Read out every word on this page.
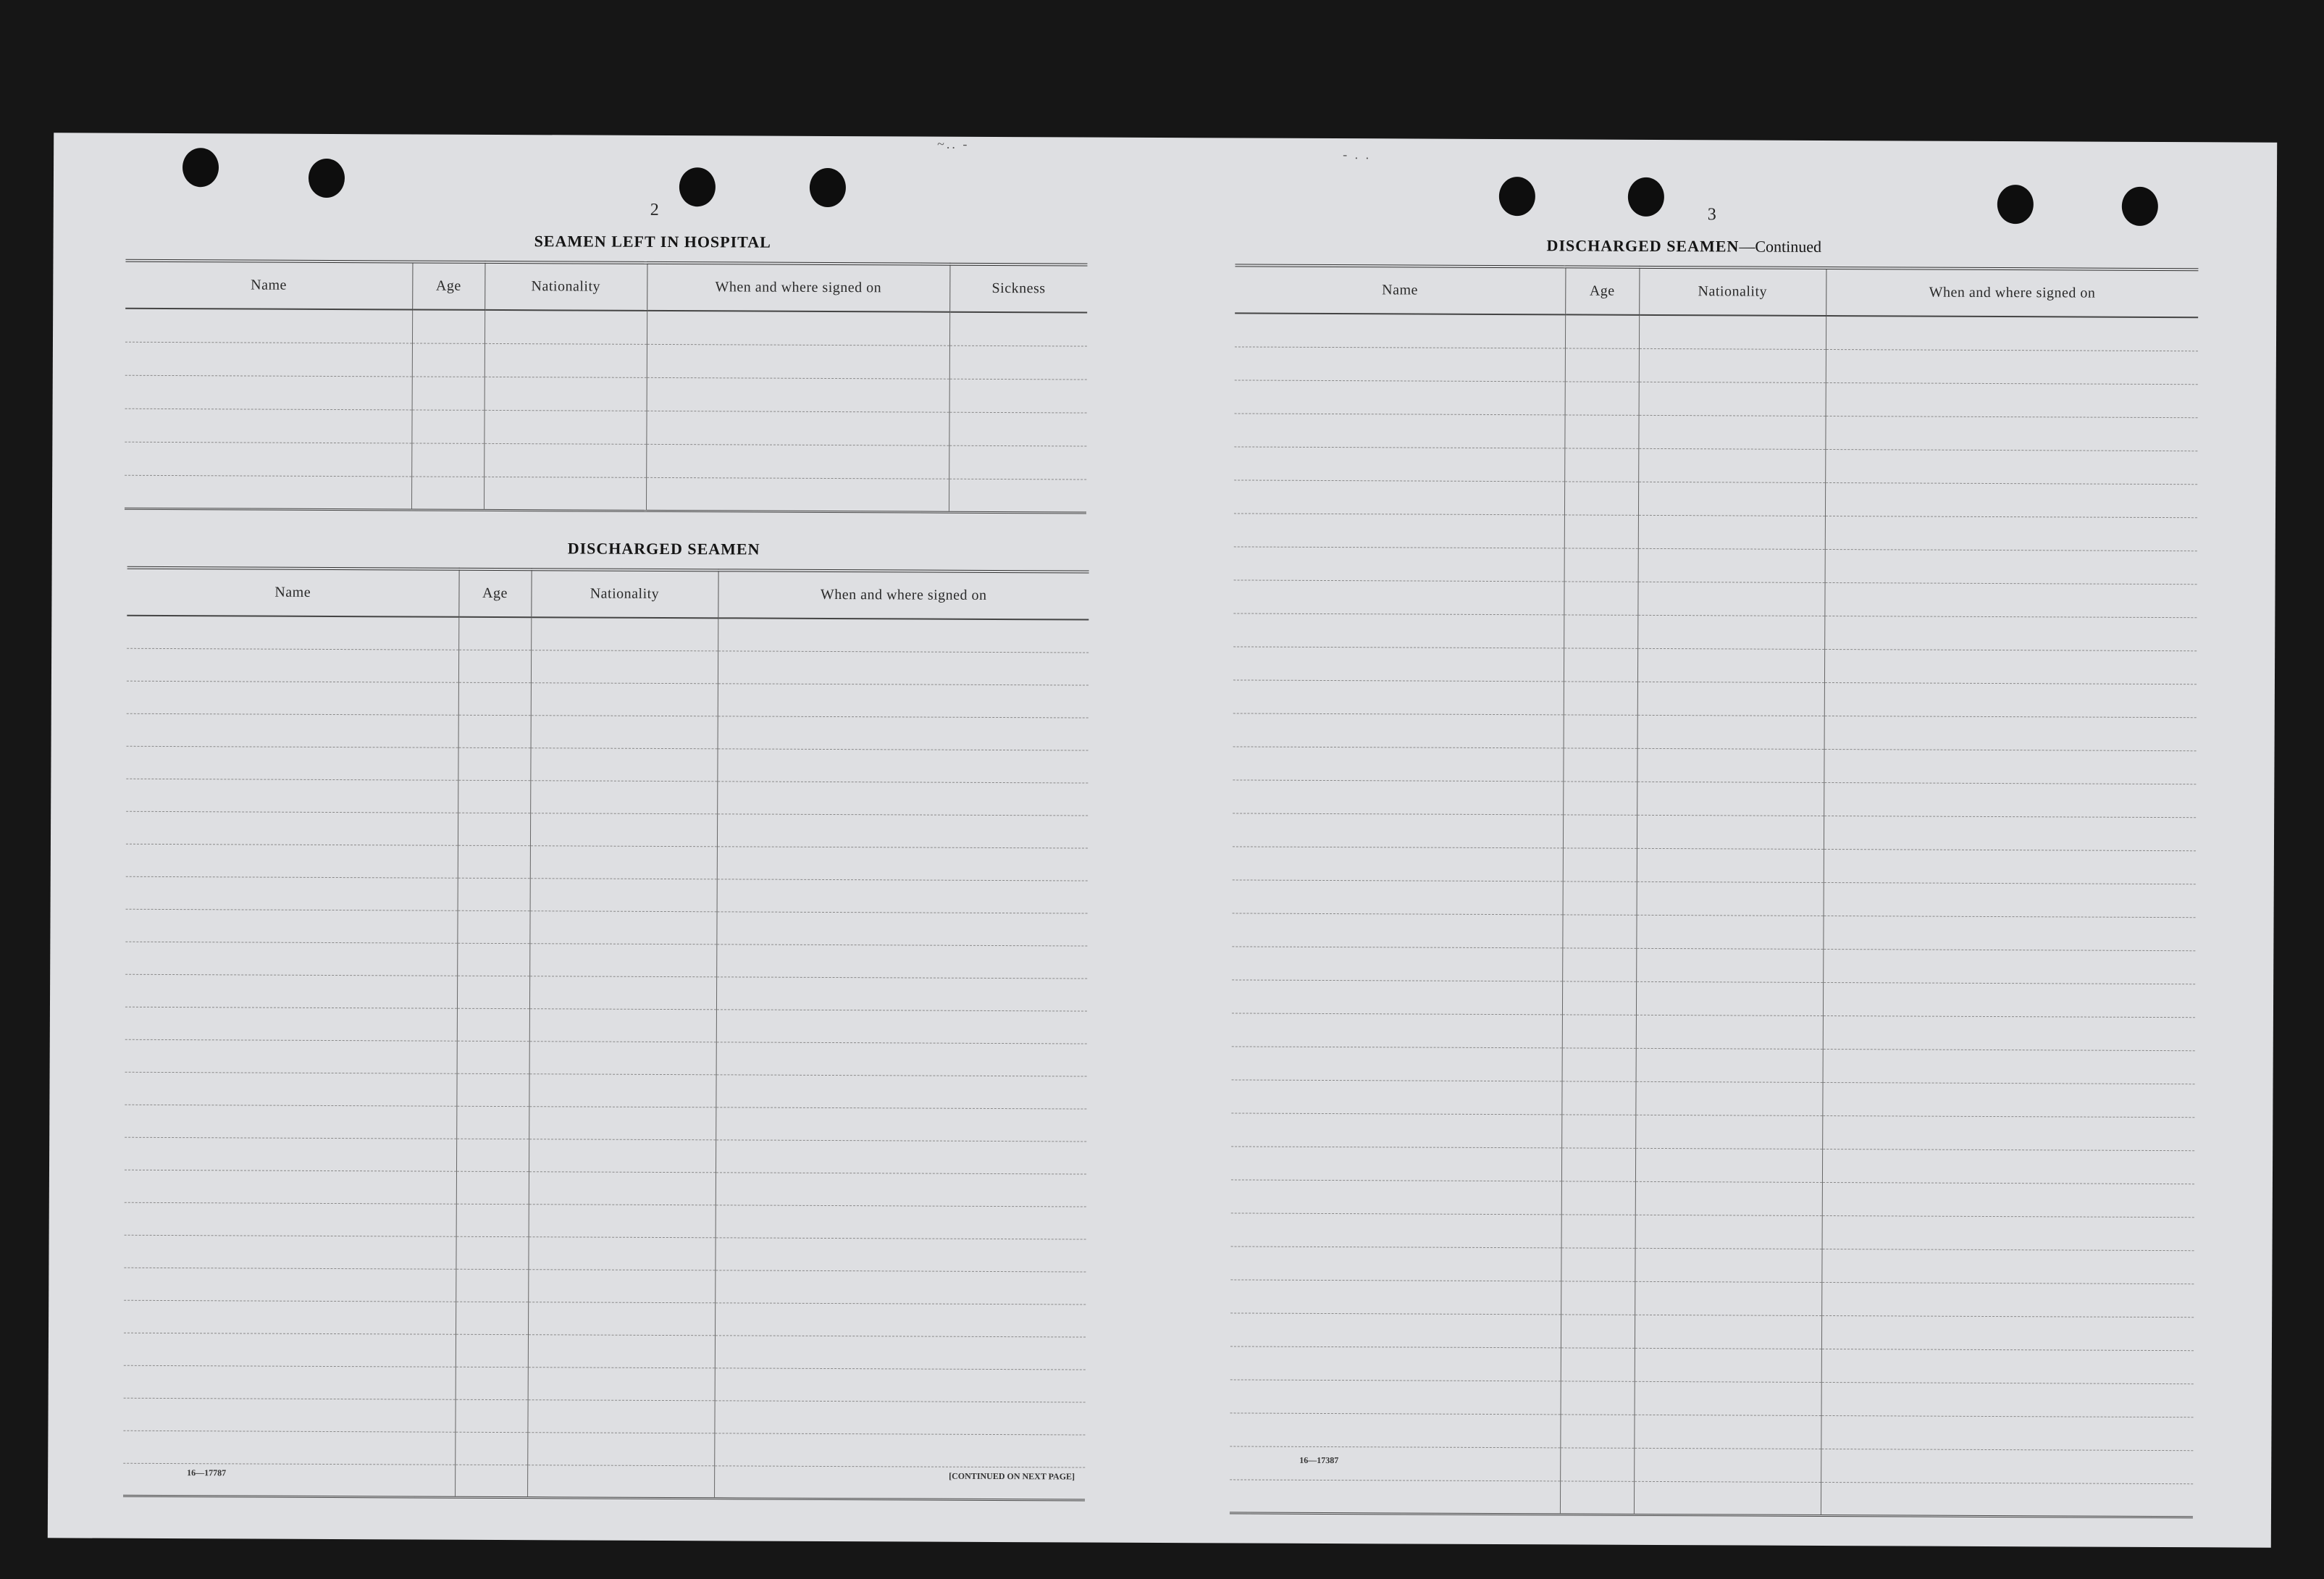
~.. -
- . .
2
SEAMEN LEFT IN HOSPITAL
Name	Age	Nationality	When and where signed on	Sickness

DISCHARGED SEAMEN
Name	Age	Nationality	When and where signed on

16—17787	[CONTINUED ON NEXT PAGE]
3
DISCHARGED SEAMEN—Continued
Name	Age	Nationality	When and where signed on

16—17387
